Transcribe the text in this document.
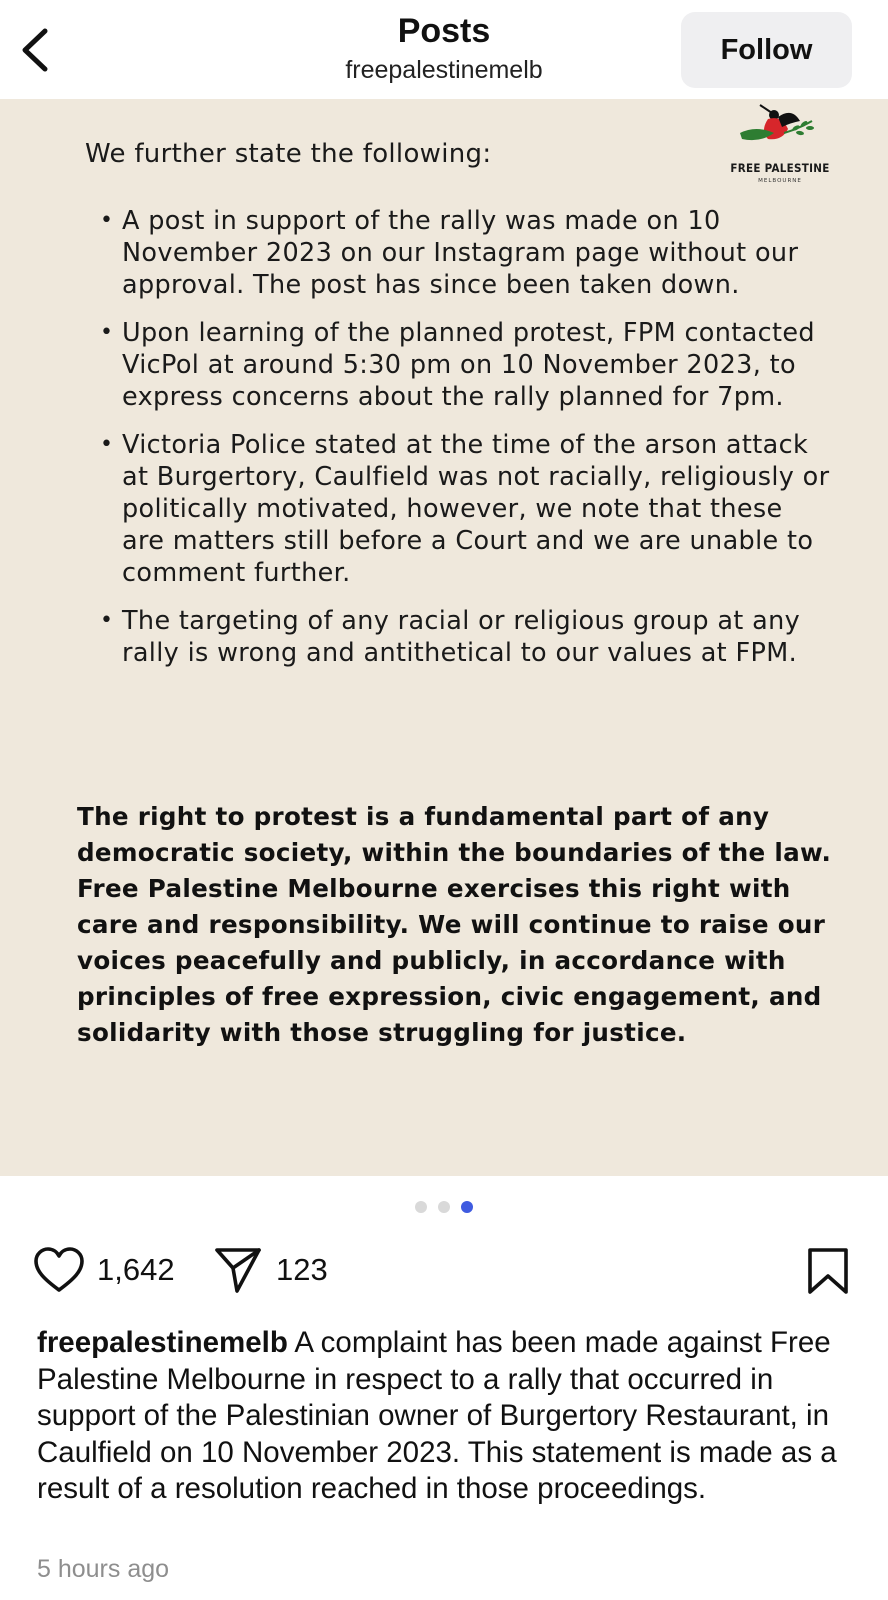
Posts
freepalestinemelb
Follow
We further state the following:	FREE PALESTINE
MELBOURNE
• A post in support of the rally was made on 10 November 2023 on our Instagram page without our approval. The post has since been taken down.
• Upon learning of the planned protest, FPM contacted VicPol at around 5:30 pm on 10 November 2023, to express concerns about the rally planned for 7pm.
• Victoria Police stated at the time of the arson attack at Burgertory, Caulfield was not racially, religiously or politically motivated, however, we note that these are matters still before a Court and we are unable to comment further.
• The targeting of any racial or religious group at any rally is wrong and antithetical to our values at FPM.
The right to protest is a fundamental part of any democratic society, within the boundaries of the law. Free Palestine Melbourne exercises this right with care and responsibility. We will continue to raise our voices peacefully and publicly, in accordance with principles of free expression, civic engagement, and solidarity with those struggling for justice.
1,642	123
freepalestinemelb A complaint has been made against Free Palestine Melbourne in respect to a rally that occurred in support of the Palestinian owner of Burgertory Restaurant, in Caulfield on 10 November 2023. This statement is made as a result of a resolution reached in those proceedings.
5 hours ago
